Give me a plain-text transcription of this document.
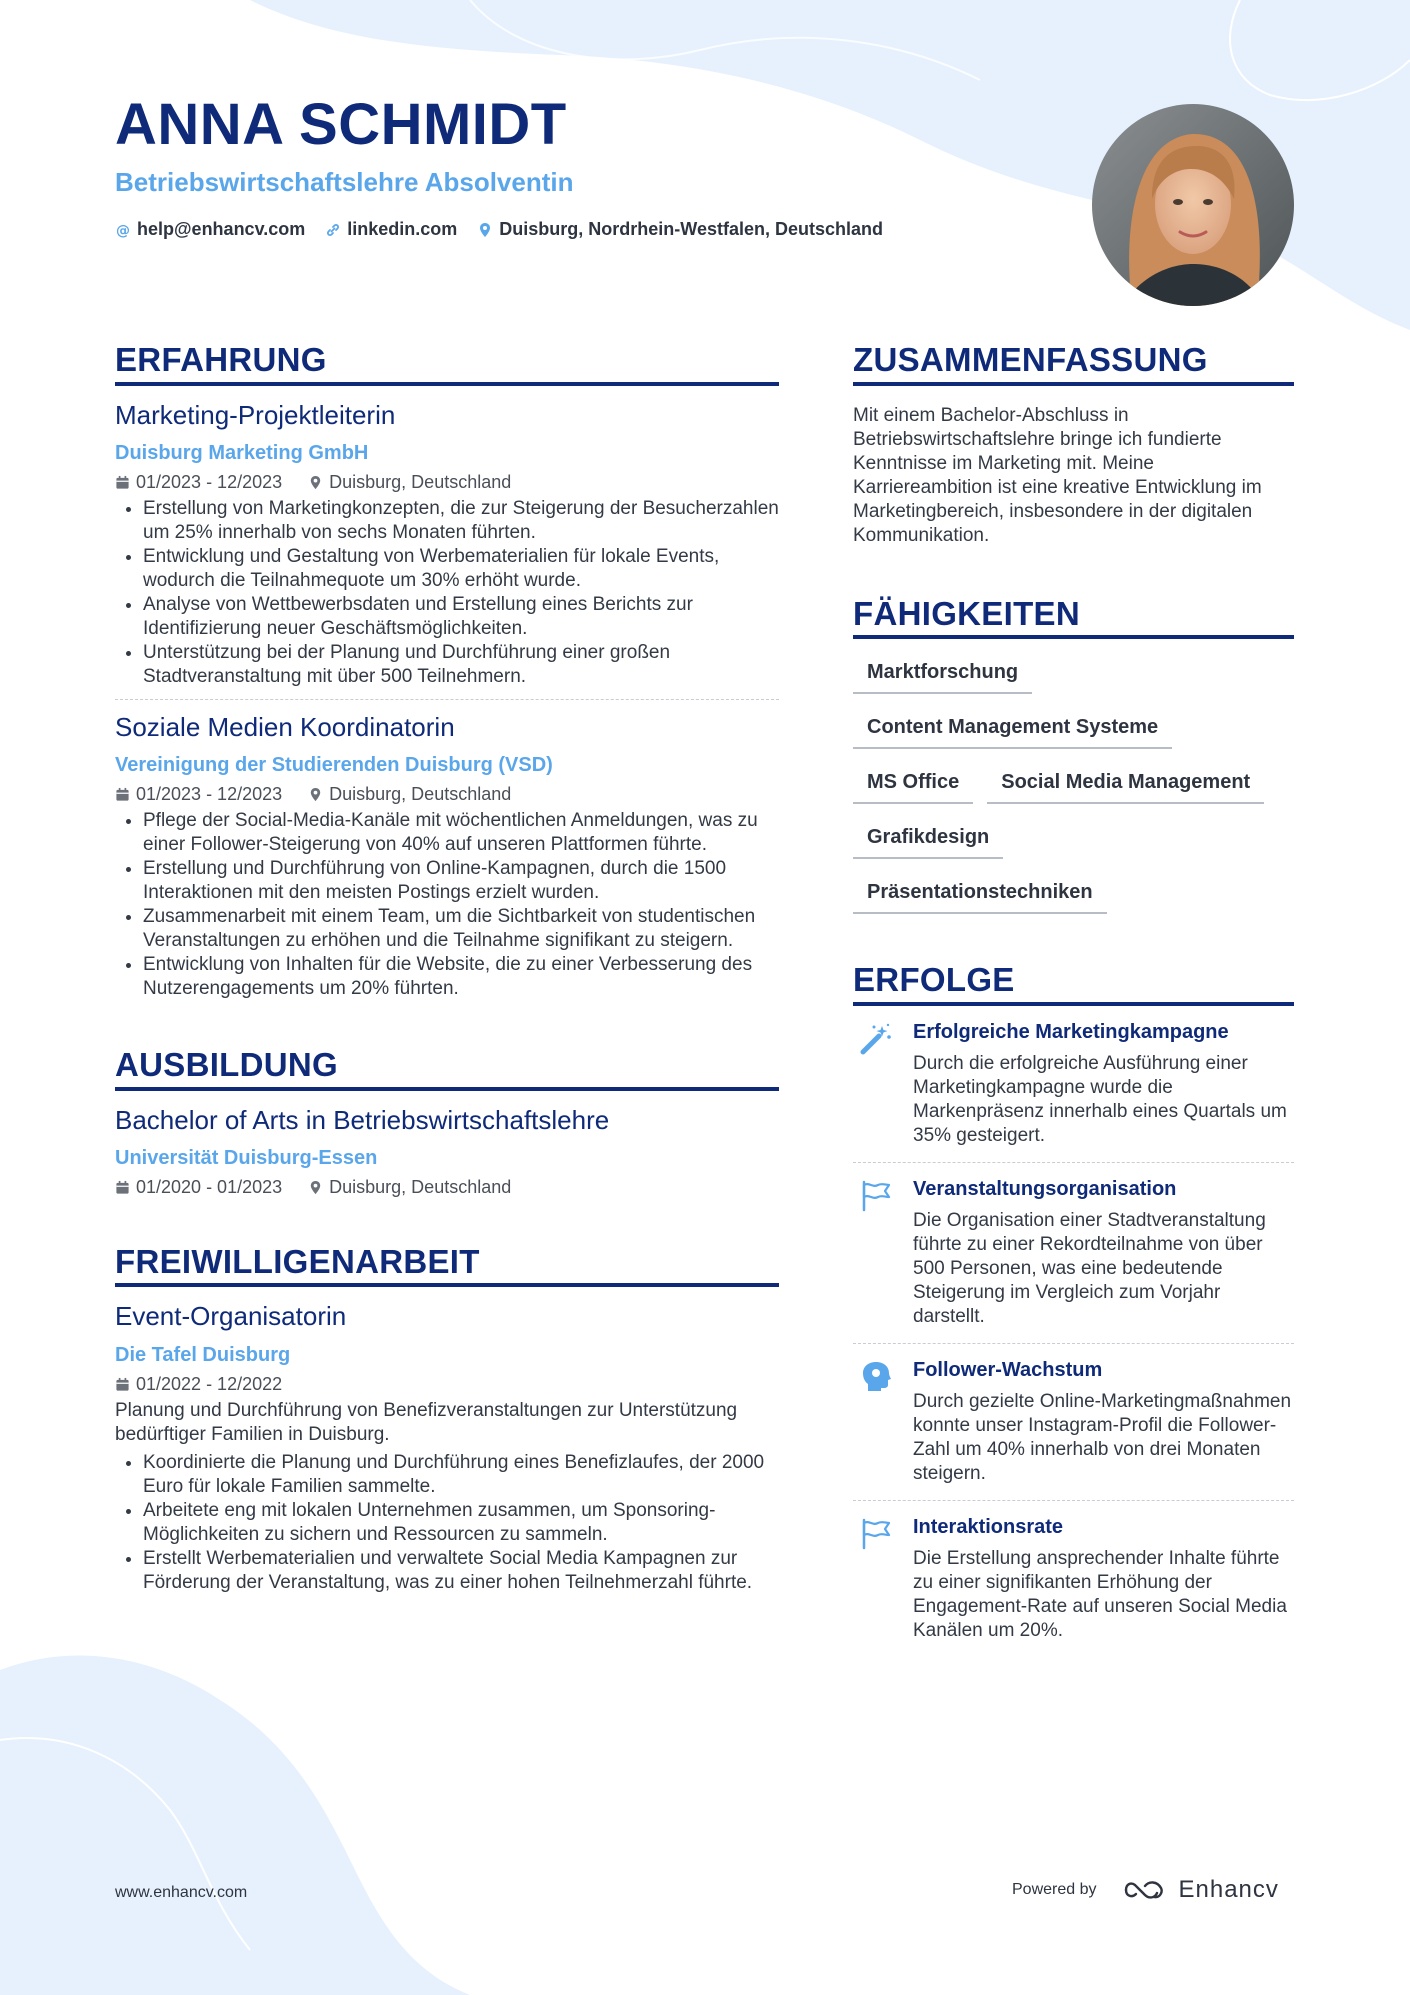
ANNA SCHMIDT
Betriebswirtschaftslehre Absolventin
@ help@enhancv.com linkedin.com Duisburg, Nordrhein-Westfalen, Deutschland
ERFAHRUNG
Marketing-Projektleiterin
Duisburg Marketing GmbH
01/2023 - 12/2023	Duisburg, Deutschland
• Erstellung von Marketingkonzepten, die zur Steigerung der Besucherzahlen um 25% innerhalb von sechs Monaten führten.
• Entwicklung und Gestaltung von Werbematerialien für lokale Events, wodurch die Teilnahmequote um 30% erhöht wurde.
• Analyse von Wettbewerbsdaten und Erstellung eines Berichts zur Identifizierung neuer Geschäftsmöglichkeiten.
• Unterstützung bei der Planung und Durchführung einer großen Stadtveranstaltung mit über 500 Teilnehmern.
Soziale Medien Koordinatorin
Vereinigung der Studierenden Duisburg (VSD)
01/2023 - 12/2023	Duisburg, Deutschland
• Pflege der Social-Media-Kanäle mit wöchentlichen Anmeldungen, was zu einer Follower-Steigerung von 40% auf unseren Plattformen führte.
• Erstellung und Durchführung von Online-Kampagnen, durch die 1500 Interaktionen mit den meisten Postings erzielt wurden.
• Zusammenarbeit mit einem Team, um die Sichtbarkeit von studentischen Veranstaltungen zu erhöhen und die Teilnahme signifikant zu steigern.
• Entwicklung von Inhalten für die Website, die zu einer Verbesserung des Nutzerengagements um 20% führten.
AUSBILDUNG
Bachelor of Arts in Betriebswirtschaftslehre
Universität Duisburg-Essen
01/2020 - 01/2023	Duisburg, Deutschland
FREIWILLIGENARBEIT
Event-Organisatorin
Die Tafel Duisburg
01/2022 - 12/2022
Planung und Durchführung von Benefizveranstaltungen zur Unterstützung bedürftiger Familien in Duisburg.
• Koordinierte die Planung und Durchführung eines Benefizlaufes, der 2000 Euro für lokale Familien sammelte.
• Arbeitete eng mit lokalen Unternehmen zusammen, um Sponsoring-Möglichkeiten zu sichern und Ressourcen zu sammeln.
• Erstellt Werbematerialien und verwaltete Social Media Kampagnen zur Förderung der Veranstaltung, was zu einer hohen Teilnehmerzahl führte.
ZUSAMMENFASSUNG
Mit einem Bachelor-Abschluss in Betriebswirtschaftslehre bringe ich fundierte Kenntnisse im Marketing mit. Meine Karriereambition ist eine kreative Entwicklung im Marketingbereich, insbesondere in der digitalen Kommunikation.
FÄHIGKEITEN
Marktforschung
Content Management Systeme
MS Office	Social Media Management
Grafikdesign
Präsentationstechniken
ERFOLGE
Erfolgreiche Marketingkampagne
Durch die erfolgreiche Ausführung einer Marketingkampagne wurde die Markenpräsenz innerhalb eines Quartals um 35% gesteigert.
Veranstaltungsorganisation
Die Organisation einer Stadtveranstaltung führte zu einer Rekordteilnahme von über 500 Personen, was eine bedeutende Steigerung im Vergleich zum Vorjahr darstellt.
Follower-Wachstum
Durch gezielte Online-Marketingmaßnahmen konnte unser Instagram-Profil die Follower-Zahl um 40% innerhalb von drei Monaten steigern.
Interaktionsrate
Die Erstellung ansprechender Inhalte führte zu einer signifikanten Erhöhung der Engagement-Rate auf unseren Social Media Kanälen um 20%.
www.enhancv.com	Powered by	Enhancv
